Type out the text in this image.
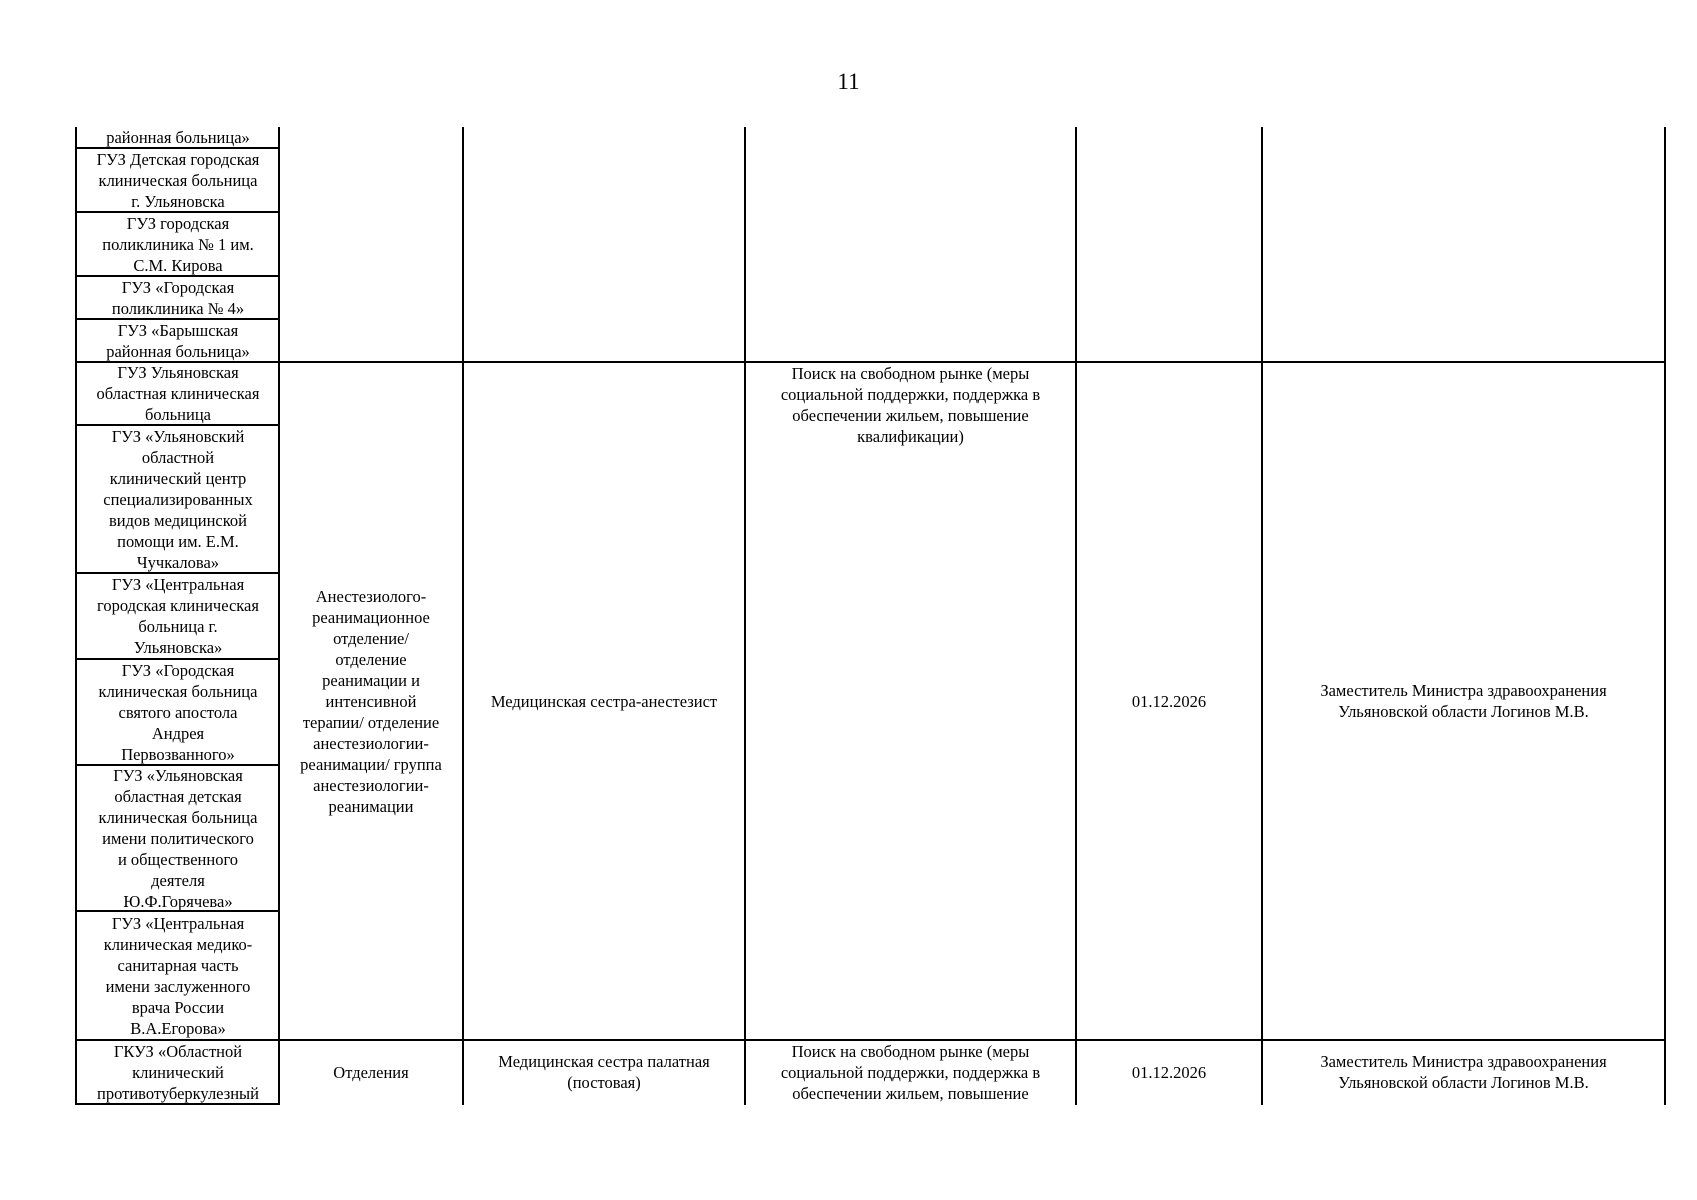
11
районная больница»
ГУЗ Детская городская
клиническая больница
г. Ульяновска
ГУЗ городская
поликлиника № 1 им.
С.М. Кирова
ГУЗ «Городская
поликлиника № 4»
ГУЗ «Барышская
районная больница»
ГУЗ Ульяновская
областная клиническая
больница
ГУЗ «Ульяновский
областной
клинический центр
специализированных
видов медицинской
помощи им. Е.М.
Чучкалова»
ГУЗ «Центральная
городская клиническая
больница г.
Ульяновска»
ГУЗ «Городская
клиническая больница
святого апостола
Андрея
Первозванного»
ГУЗ «Ульяновская
областная детская
клиническая больница
имени политического
и общественного
деятеля
Ю.Ф.Горячева»
ГУЗ «Центральная
клиническая медико-
санитарная часть
имени заслуженного
врача России
В.А.Егорова»
ГКУЗ «Областной
клинический
противотуберкулезный
Анестезиолого-
реанимационное
отделение/
отделение
реанимации и
интенсивной
терапии/ отделение
анестезиологии-
реанимации/ группа
анестезиологии-
реанимации
Медицинская сестра-анестезист
Поиск на свободном рынке (меры
социальной поддержки, поддержка в
обеспечении жильем, повышение
квалификации)
01.12.2026
Заместитель Министра здравоохранения
Ульяновской области Логинов М.В.
Отделения
Медицинская сестра палатная
(постовая)
Поиск на свободном рынке (меры
социальной поддержки, поддержка в
обеспечении жильем, повышение
01.12.2026
Заместитель Министра здравоохранения
Ульяновской области Логинов М.В.
